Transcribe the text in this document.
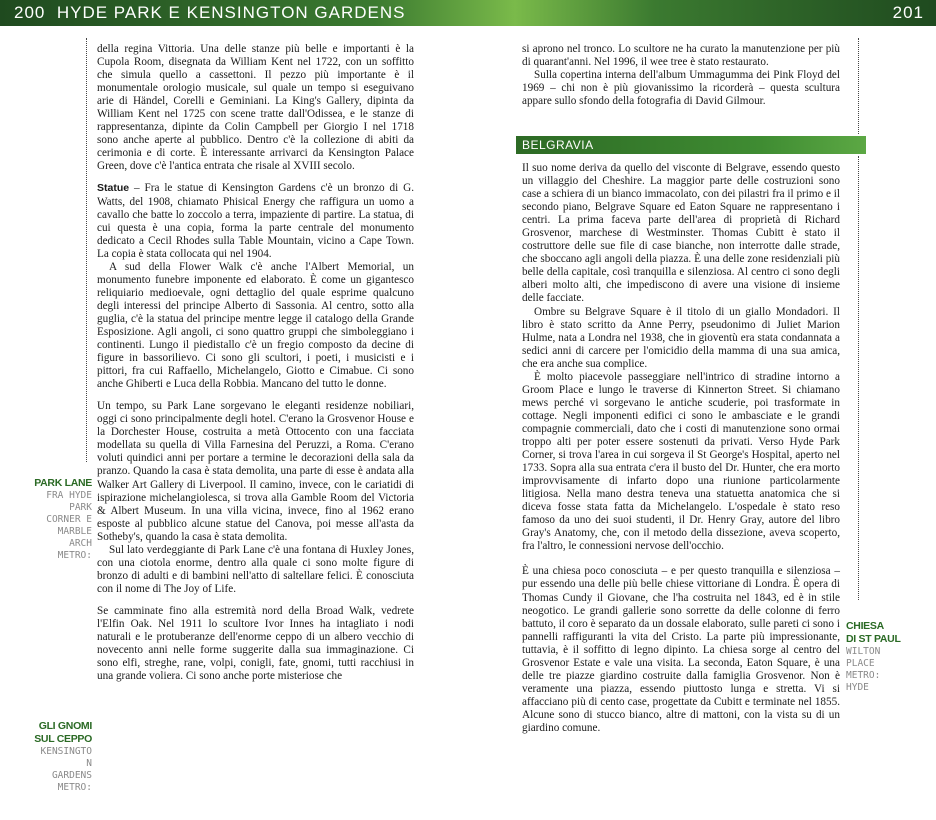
200 HYDE PARK E KENSINGTON GARDENS	201
PARK LANE
FRA HYDE
PARK
CORNER E
MARBLE
ARCH
METRO:
GLI GNOMI
SUL CEPPO
KENSINGTO
N
GARDENS
METRO:

della regina Vittoria. Una delle stanze più belle e importanti è la Cupola Room, disegnata da William Kent nel 1722, con un soffitto che simula quello a cassettoni. Il pezzo più importante è il monumentale orologio musicale, sul quale un tempo si eseguivano arie di Händel, Corelli e Geminiani. La King's Gallery, dipinta da William Kent nel 1725 con scene tratte dall'Odissea, e le stanze di rappresentanza, dipinte da Colin Campbell per Giorgio I nel 1718 sono anche aperte al pubblico. Dentro c'è la collezione di abiti da cerimonia e di corte. È interessante arrivarci da Kensington Palace Green, dove c'è l'antica entrata che risale al XVIII secolo.

Statue – Fra le statue di Kensington Gardens c'è un bronzo di G. Watts, del 1908, chiamato Phisical Energy che raffigura un uomo a cavallo che batte lo zoccolo a terra, impaziente di partire. La statua, di cui questa è una copia, forma la parte centrale del monumento dedicato a Cecil Rhodes sulla Table Mountain, vicino a Cape Town. La copia è stata collocata qui nel 1904.

A sud della Flower Walk c'è anche l'Albert Memorial, un monumento funebre imponente ed elaborato. È come un gigantesco reliquiario medioevale, ogni dettaglio del quale esprime qualcuno degli interessi del principe Alberto di Sassonia. Al centro, sotto alla guglia, c'è la statua del principe mentre legge il catalogo della Grande Esposizione. Agli angoli, ci sono quattro gruppi che simboleggiano i continenti. Lungo il piedistallo c'è un fregio composto da decine di figure in bassorilievo. Ci sono gli scultori, i poeti, i musicisti e i pittori, fra cui Raffaello, Michelangelo, Giotto e Cimabue. Ci sono anche Ghiberti e Luca della Robbia. Mancano del tutto le donne.

Un tempo, su Park Lane sorgevano le eleganti residenze nobiliari, oggi ci sono principalmente degli hotel. C'erano la Grosvenor House e la Dorchester House, costruita a metà Ottocento con una facciata modellata su quella di Villa Farnesina del Peruzzi, a Roma. C'erano voluti quindici anni per portare a termine le decorazioni della sala da pranzo. Quando la casa è stata demolita, una parte di esse è andata alla Walker Art Gallery di Liverpool. Il camino, invece, con le cariatidi di ispirazione michelangiolesca, si trova alla Gamble Room del Victoria & Albert Museum. In una villa vicina, invece, fino al 1962 erano esposte al pubblico alcune statue del Canova, poi messe all'asta da Sotheby's, quando la casa è stata demolita.

Sul lato verdeggiante di Park Lane c'è una fontana di Huxley Jones, con una ciotola enorme, dentro alla quale ci sono molte figure di bronzo di adulti e di bambini nell'atto di saltellare felici. È conosciuta con il nome di The Joy of Life.

Se camminate fino alla estremità nord della Broad Walk, vedrete l'Elfin Oak. Nel 1911 lo scultore Ivor Innes ha intagliato i nodi naturali e le protuberanze dell'enorme ceppo di un albero vecchio di novecento anni nelle forme suggerite dalla sua immaginazione. Ci sono elfi, streghe, rane, volpi, conigli, fate, gnomi, tutti racchiusi in una grande voliera. Ci sono anche porte misteriose che

si aprono nel tronco. Lo scultore ne ha curato la manutenzione per più di quarant'anni. Nel 1996, il wee tree è stato restaurato.

Sulla copertina interna dell'album Ummagumma dei Pink Floyd del 1969 – chi non è più giovanissimo la ricorderà – questa scultura appare sullo sfondo della fotografia di David Gilmour.

BELGRAVIA

Il suo nome deriva da quello del visconte di Belgrave, essendo questo un villaggio del Cheshire. La maggior parte delle costruzioni sono case a schiera di un bianco immacolato, con dei pilastri fra il primo e il secondo piano, Belgrave Square ed Eaton Square ne rappresentano i centri. La prima faceva parte dell'area di proprietà di Richard Grosvenor, marchese di Westminster. Thomas Cubitt è stato il costruttore delle sue file di case bianche, non interrotte dalle strade, che sboccano agli angoli della piazza. È una delle zone residenziali più belle della capitale, così tranquilla e silenziosa. Al centro ci sono degli alberi molto alti, che impediscono di avere una visione di insieme delle facciate.

Ombre su Belgrave Square è il titolo di un giallo Mondadori. Il libro è stato scritto da Anne Perry, pseudonimo di Juliet Marion Hulme, nata a Londra nel 1938, che in gioventù era stata condannata a sedici anni di carcere per l'omicidio della mamma di una sua amica, che era anche sua complice.

È molto piacevole passeggiare nell'intrico di stradine intorno a Groom Place e lungo le traverse di Kinnerton Street. Si chiamano mews perché vi sorgevano le antiche scuderie, poi trasformate in cottage. Negli imponenti edifici ci sono le ambasciate e le grandi compagnie commerciali, dato che i costi di manutenzione sono ormai troppo alti per poter essere sostenuti da privati. Verso Hyde Park Corner, si trova l'area in cui sorgeva il St George's Hospital, aperto nel 1733. Sopra alla sua entrata c'era il busto del Dr. Hunter, che era morto improvvisamente di infarto dopo una riunione particolarmente litigiosa. Nella mano destra teneva una statuetta anatomica che si diceva fosse stata fatta da Michelangelo. L'ospedale è stato reso famoso da uno dei suoi studenti, il Dr. Henry Gray, autore del libro Gray's Anatomy, che, con il metodo della dissezione, aveva scoperto, fra l'altro, le connessioni nervose dell'occhio.

È una chiesa poco conosciuta – e per questo tranquilla e silenziosa – pur essendo una delle più belle chiese vittoriane di Londra. È opera di Thomas Cundy il Giovane, che l'ha costruita nel 1843, ed è in stile neogotico. Le grandi gallerie sono sorrette da delle colonne di ferro battuto, il coro è separato da un dossale elaborato, sulle pareti ci sono i pannelli raffiguranti la vita del Cristo. La parte più impressionante, tuttavia, è il soffitto di legno dipinto. La chiesa sorge al centro del Grosvenor Estate e vale una visita. La seconda, Eaton Square, è una delle tre piazze giardino costruite dalla famiglia Grosvenor. Non è veramente una piazza, essendo piuttosto lunga e stretta. Vi si affacciano più di cento case, progettate da Cubitt e terminate nel 1855. Alcune sono di stucco bianco, altre di mattoni, con la vista su di un giardino comune.

CHIESA
DI ST PAUL
WILTON
PLACE
METRO:
HYDE
